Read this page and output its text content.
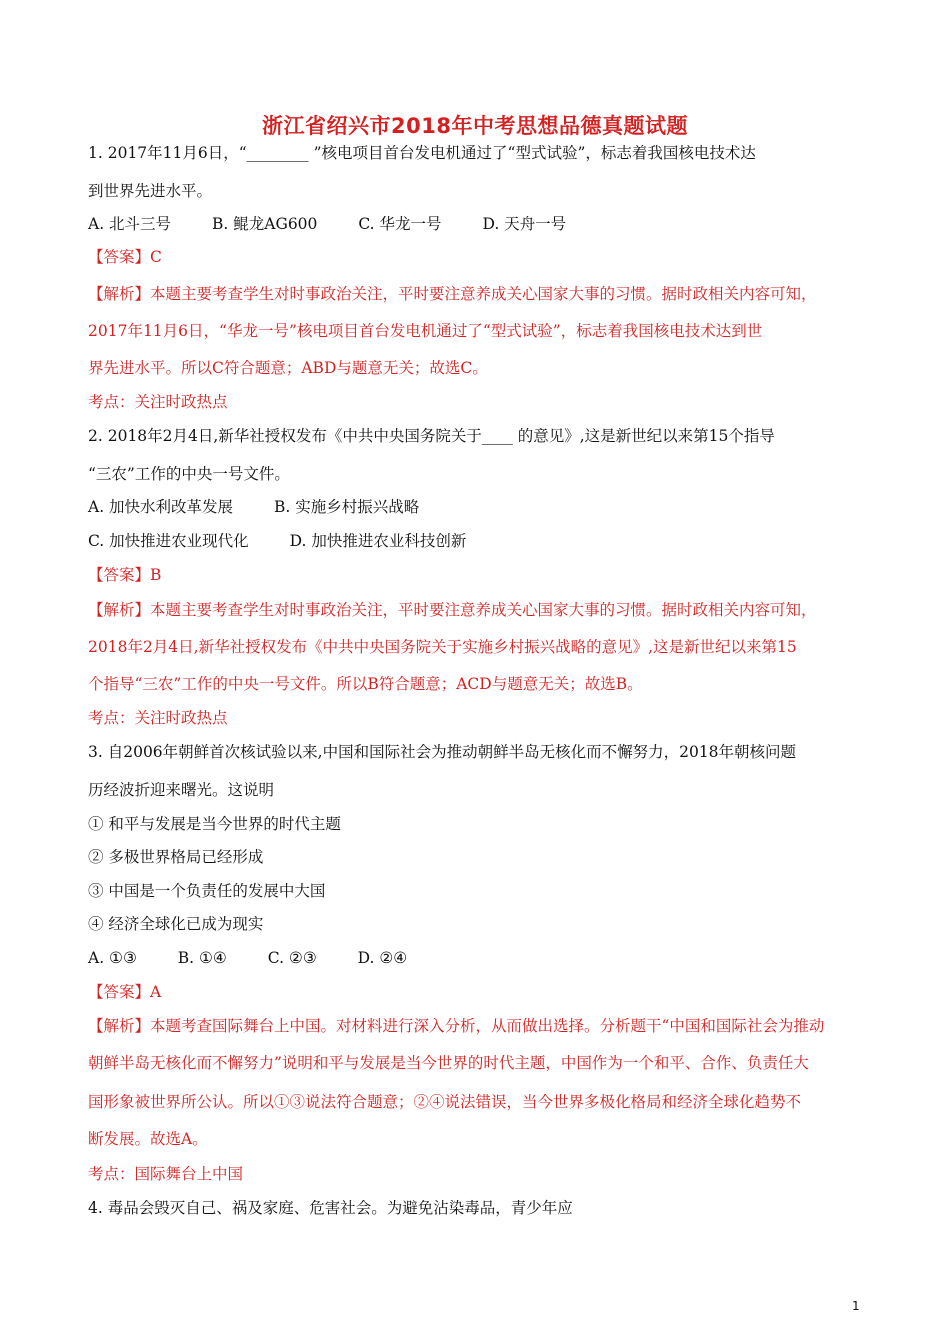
浙江省绍兴市2018年中考思想品德真题试题
1. 2017年11月6日，“________ ”核电项目首台发电机通过了“型式试验”，标志着我国核电技术达
到世界先进水平。
A. 北斗三号	B. 鲲龙AG600	C. 华龙一号	D. 天舟一号
【答案】C
【解析】本题主要考查学生对时事政治关注，平时要注意养成关心国家大事的习惯。据时政相关内容可知，
2017年11月6日，“华龙一号”核电项目首台发电机通过了“型式试验”，标志着我国核电技术达到世
界先进水平。所以C符合题意；ABD与题意无关；故选C。
考点：关注时政热点
2. 2018年2月4日,新华社授权发布《中共中央国务院关于____ 的意见》,这是新世纪以来第15个指导
“三农”工作的中央一号文件。
A. 加快水利改革发展	B. 实施乡村振兴战略
C. 加快推进农业现代化	D. 加快推进农业科技创新
【答案】B
【解析】本题主要考查学生对时事政治关注，平时要注意养成关心国家大事的习惯。据时政相关内容可知，
2018年2月4日,新华社授权发布《中共中央国务院关于实施乡村振兴战略的意见》,这是新世纪以来第15
个指导“三农”工作的中央一号文件。所以B符合题意；ACD与题意无关；故选B。
考点：关注时政热点
3. 自2006年朝鲜首次核试验以来,中国和国际社会为推动朝鲜半岛无核化而不懈努力，2018年朝核问题
历经波折迎来曙光。这说明
① 和平与发展是当今世界的时代主题
② 多极世界格局已经形成
③ 中国是一个负责任的发展中大国
④ 经济全球化已成为现实
A. ①③	B. ①④	C. ②③	D. ②④
【答案】A
【解析】本题考查国际舞台上中国。对材料进行深入分析，从而做出选择。分析题干“中国和国际社会为推动
朝鲜半岛无核化而不懈努力”说明和平与发展是当今世界的时代主题，中国作为一个和平、合作、负责任大
国形象被世界所公认。所以①③说法符合题意；②④说法错误，当今世界多极化格局和经济全球化趋势不
断发展。故选A。
考点：国际舞台上中国
4. 毒品会毁灭自己、祸及家庭、危害社会。为避免沾染毒品，青少年应
1
